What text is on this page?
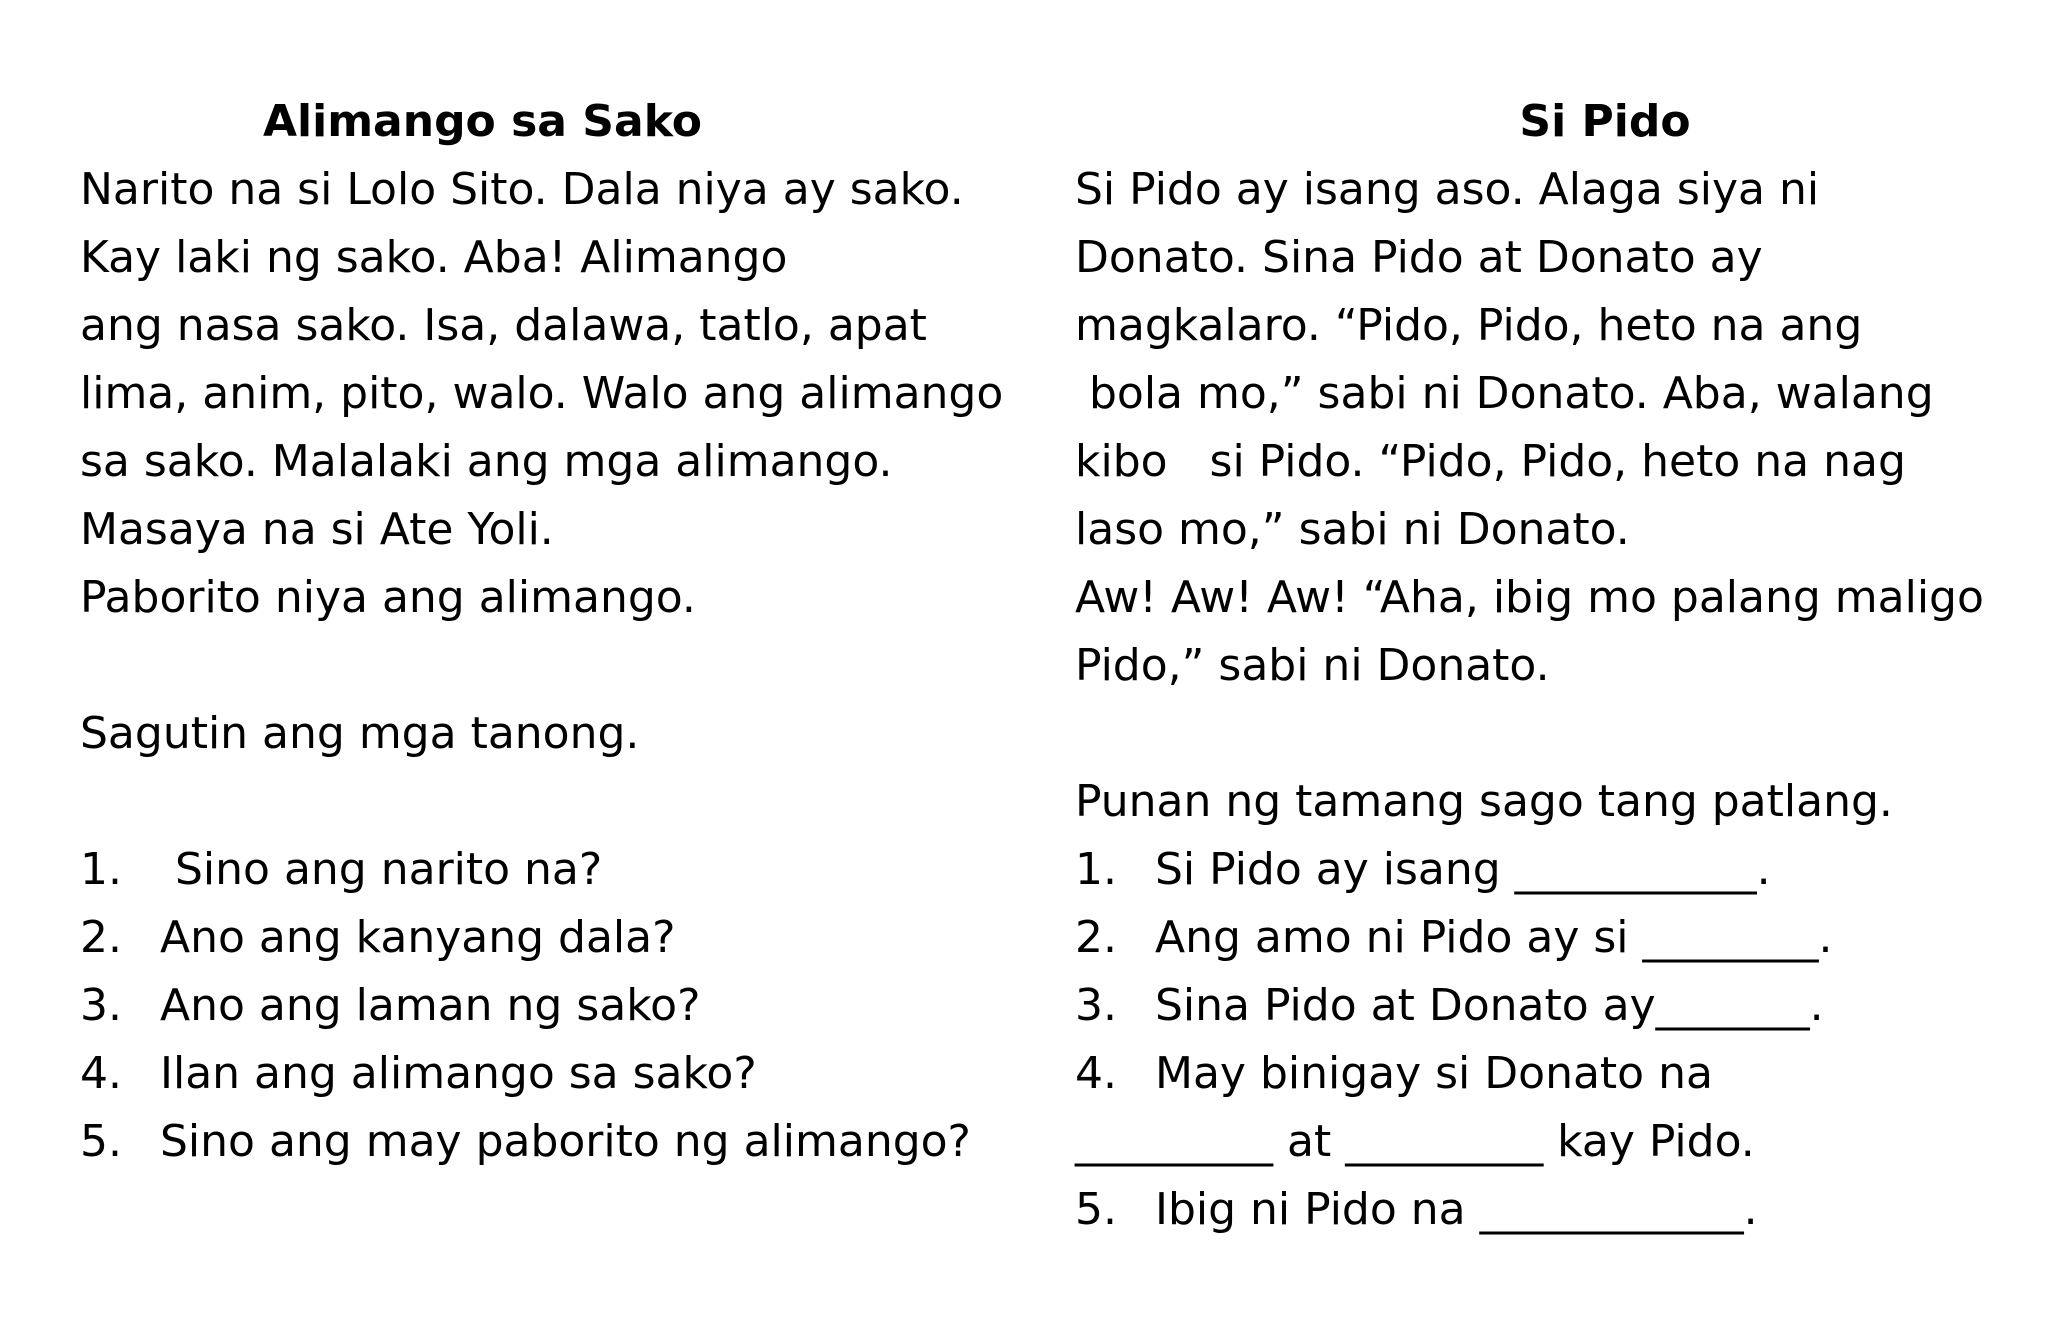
Alimango sa Sako

Narito na si Lolo Sito. Dala niya ay sako.

Kay laki ng sako. Aba! Alimango

ang nasa sako. Isa, dalawa, tatlo, apat

lima, anim, pito, walo. Walo ang alimango

sa sako. Malalaki ang mga alimango.

Masaya na si Ate Yoli.

Paborito niya ang alimango.

Sagutin ang mga tanong.

1.	Sino ang narito na?
2. Ano ang kanyang dala?
3. Ano ang laman ng sako?
4. Ilan ang alimango sa sako?
5. Sino ang may paborito ng alimango?

Si Pido

Si Pido ay isang aso. Alaga siya ni

Donato. Sina Pido at Donato ay

magkalaro. “Pido, Pido, heto na ang

bola mo,” sabi ni Donato. Aba, walang

kibo   si Pido. “Pido, Pido, heto na nag

laso mo,” sabi ni Donato.

Aw! Aw! Aw! “Aha, ibig mo palang maligo

Pido,” sabi ni Donato.

Punan ng tamang sago tang patlang.

1. Si Pido ay isang ___________.
2. Ang amo ni Pido ay si ________.
3. Sina Pido at Donato ay_______.
4. May binigay si Donato na

_________ at _________ kay Pido.

5. Ibig ni Pido na ____________.
